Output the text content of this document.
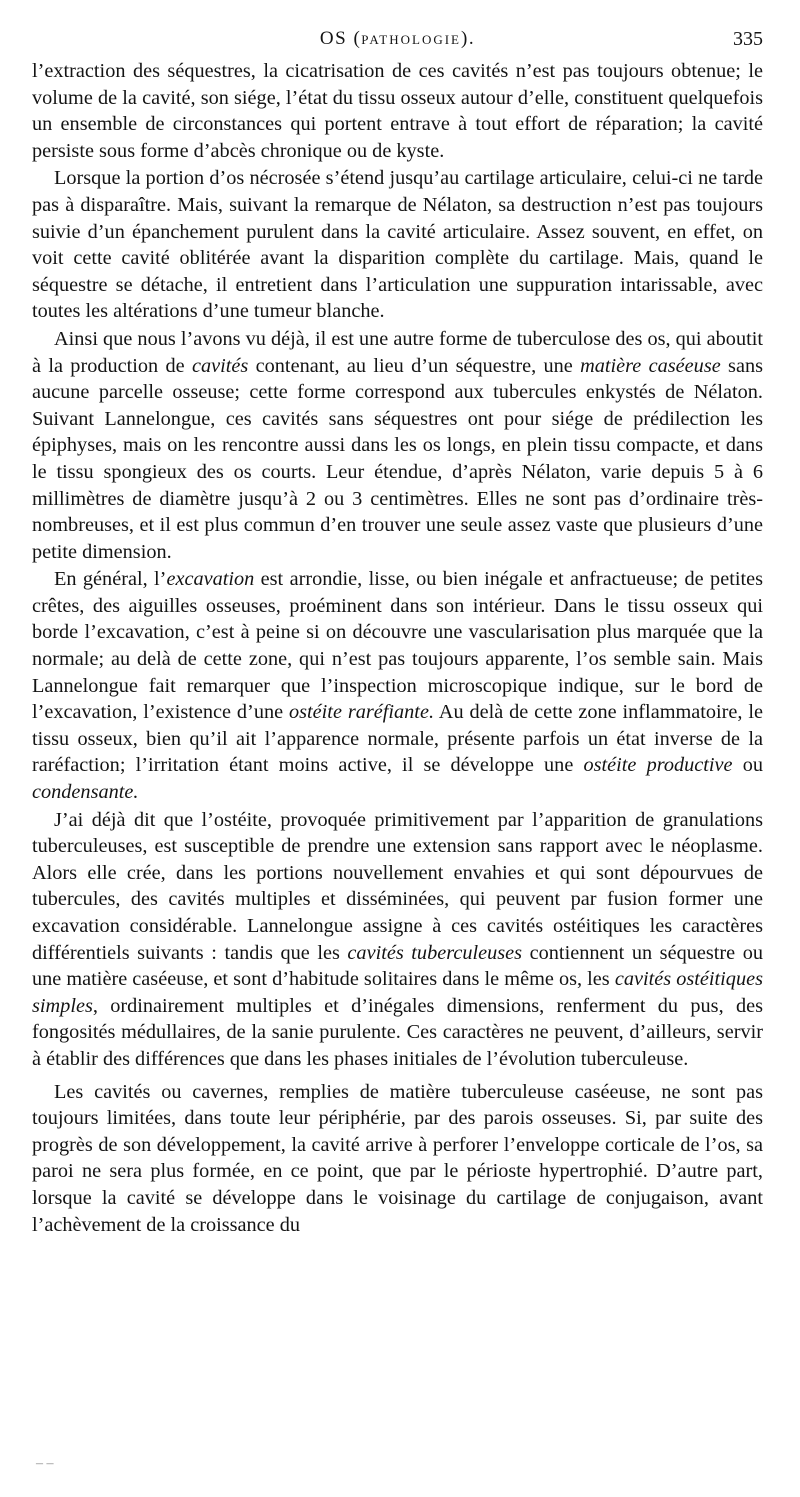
OS (PATHOLOGIE).	335

l’extraction des séquestres, la cicatrisation de ces cavités n’est pas toujours obtenue; le volume de la cavité, son siége, l’état du tissu osseux autour d’elle, constituent quelquefois un ensemble de circonstances qui portent entrave à tout effort de réparation; la cavité persiste sous forme d’abcès chronique ou de kyste.

Lorsque la portion d’os nécrosée s’étend jusqu’au cartilage articulaire, celui-ci ne tarde pas à disparaître. Mais, suivant la remarque de Nélaton, sa destruction n’est pas toujours suivie d’un épanchement purulent dans la cavité articulaire. Assez souvent, en effet, on voit cette cavité oblitérée avant la disparition complète du cartilage. Mais, quand le séquestre se détache, il entretient dans l’articulation une suppuration intarissable, avec toutes les altérations d’une tumeur blanche.

Ainsi que nous l’avons vu déjà, il est une autre forme de tuberculose des os, qui aboutit à la production de cavités contenant, au lieu d’un séquestre, une matière caséeuse sans aucune parcelle osseuse; cette forme correspond aux tubercules enkystés de Nélaton. Suivant Lannelongue, ces cavités sans séquestres ont pour siége de prédilection les épiphyses, mais on les rencontre aussi dans les os longs, en plein tissu compacte, et dans le tissu spongieux des os courts. Leur étendue, d’après Nélaton, varie depuis 5 à 6 millimètres de diamètre jusqu’à 2 ou 3 centimètres. Elles ne sont pas d’ordinaire très-nombreuses, et il est plus commun d’en trouver une seule assez vaste que plusieurs d’une petite dimension.

En général, l’excavation est arrondie, lisse, ou bien inégale et anfractueuse; de petites crêtes, des aiguilles osseuses, proéminent dans son intérieur. Dans le tissu osseux qui borde l’excavation, c’est à peine si on découvre une vascularisation plus marquée que la normale; au delà de cette zone, qui n’est pas toujours apparente, l’os semble sain. Mais Lannelongue fait remarquer que l’inspection microscopique indique, sur le bord de l’excavation, l’existence d’une ostéite raréfiante. Au delà de cette zone inflammatoire, le tissu osseux, bien qu’il ait l’apparence normale, présente parfois un état inverse de la raréfaction; l’irritation étant moins active, il se développe une ostéite productive ou condensante.

J’ai déjà dit que l’ostéite, provoquée primitivement par l’apparition de granulations tuberculeuses, est susceptible de prendre une extension sans rapport avec le néoplasme. Alors elle crée, dans les portions nouvellement envahies et qui sont dépourvues de tubercules, des cavités multiples et disséminées, qui peuvent par fusion former une excavation considérable. Lannelongue assigne à ces cavités ostéitiques les caractères différentiels suivants : tandis que les cavités tuberculeuses contiennent un séquestre ou une matière caséeuse, et sont d’habitude solitaires dans le même os, les cavités ostéitiques simples, ordinairement multiples et d’inégales dimensions, renferment du pus, des fongosités médullaires, de la sanie purulente. Ces caractères ne peuvent, d’ailleurs, servir à établir des différences que dans les phases initiales de l’évolution tuberculeuse.

Les cavités ou cavernes, remplies de matière tuberculeuse caséeuse, ne sont pas toujours limitées, dans toute leur périphérie, par des parois osseuses. Si, par suite des progrès de son développement, la cavité arrive à perforer l’enveloppe corticale de l’os, sa paroi ne sera plus formée, en ce point, que par le périoste hypertrophié. D’autre part, lorsque la cavité se développe dans le voisinage du cartilage de conjugaison, avant l’achèvement de la croissance du

– –
